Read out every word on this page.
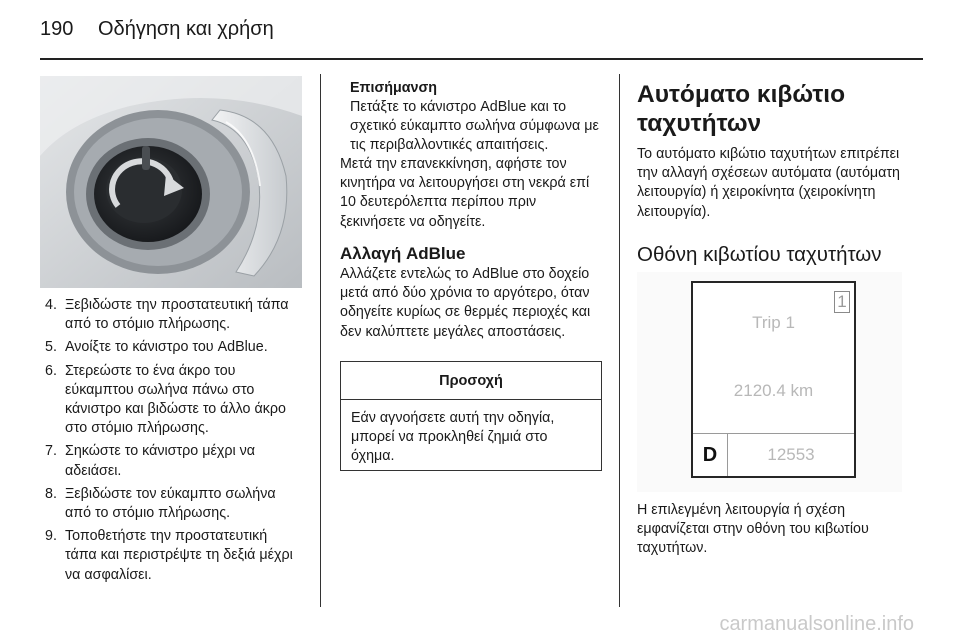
190 Οδήγηση και χρήση
4. Ξεβιδώστε την προστατευτική τάπα από το στόμιο πλήρωσης.
5. Ανοίξτε το κάνιστρο του AdBlue.
6. Στερεώστε το ένα άκρο του εύκαμπτου σωλήνα πάνω στο κάνιστρο και βιδώστε το άλλο άκρο στο στόμιο πλήρωσης.
7. Σηκώστε το κάνιστρο μέχρι να αδειάσει.
8. Ξεβιδώστε τον εύκαμπτο σωλήνα από το στόμιο πλήρωσης.
9. Τοποθετήστε την προστατευτική τάπα και περιστρέψτε τη δεξιά μέχρι να ασφαλίσει.
Επισήμανση
Πετάξτε το κάνιστρο AdBlue και το σχετικό εύκαμπτο σωλήνα σύμφωνα με τις περιβαλλοντικές απαιτήσεις.
Μετά την επανεκκίνηση, αφήστε τον κινητήρα να λειτουργήσει στη νεκρά επί 10 δευτερόλεπτα περίπου πριν ξεκινήσετε να οδηγείτε.
Αλλαγή AdBlue
Αλλάζετε εντελώς το AdBlue στο δοχείο μετά από δύο χρόνια το αργότερο, όταν οδηγείτε κυρίως σε θερμές περιοχές και δεν καλύπτετε μεγάλες αποστάσεις.
Προσοχή
Εάν αγνοήσετε αυτή την οδηγία, μπορεί να προκληθεί ζημιά στο όχημα.
Αυτόματο κιβώτιο ταχυτήτων
Το αυτόματο κιβώτιο ταχυτήτων επιτρέπει την αλλαγή σχέσεων αυτόματα (αυτόματη λειτουργία) ή χειροκίνητα (χειροκίνητη λειτουργία).
Οθόνη κιβωτίου ταχυτήτων
1
Trip 1
2120.4 km
D	12553
Η επιλεγμένη λειτουργία ή σχέση εμφανίζεται στην οθόνη του κιβωτίου ταχυτήτων.
carmanualsonline.info
